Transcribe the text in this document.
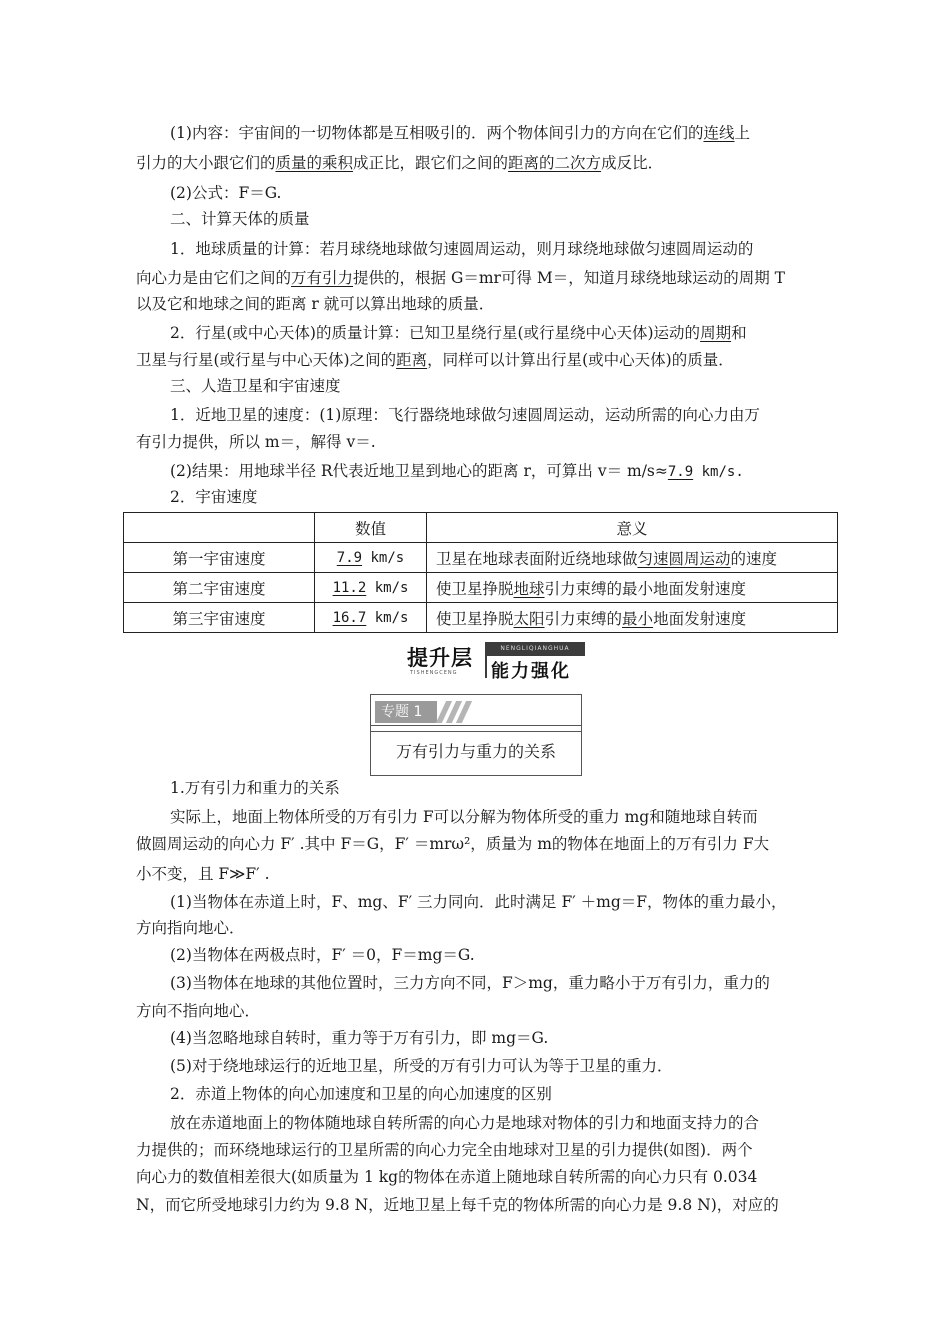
(1)内容：宇宙间的一切物体都是互相吸引的．两个物体间引力的方向在它们的连线上
引力的大小跟它们的质量的乘积成正比，跟它们之间的距离的二次方成反比．
(2)公式：F＝G.
二、计算天体的质量
1．地球质量的计算：若月球绕地球做匀速圆周运动，则月球绕地球做匀速圆周运动的
向心力是由它们之间的万有引力提供的，根据 G＝mr可得 M＝，知道月球绕地球运动的周期 T
以及它和地球之间的距离 r 就可以算出地球的质量．
2．行星(或中心天体)的质量计算：已知卫星绕行星(或行星绕中心天体)运动的周期和
卫星与行星(或行星与中心天体)之间的距离，同样可以计算出行星(或中心天体)的质量．
三、人造卫星和宇宙速度
1．近地卫星的速度：(1)原理：飞行器绕地球做匀速圆周运动，运动所需的向心力由万
有引力提供，所以 m＝，解得 v＝.
(2)结果：用地球半径 R代表近地卫星到地心的距离 r，可算出 v＝ m/s≈7.9 km/s.
2．宇宙速度
	数值	意义
第一宇宙速度	7.9 km/s	卫星在地球表面附近绕地球做匀速圆周运动的速度
第二宇宙速度	11.2 km/s	使卫星挣脱地球引力束缚的最小地面发射速度
第三宇宙速度	16.7 km/s	使卫星挣脱太阳引力束缚的最小地面发射速度
提升层
TISHENGCENG
NENGLIQIANGHUA
能力强化
专题 1
万有引力与重力的关系
1.万有引力和重力的关系
实际上，地面上物体所受的万有引力 F可以分解为物体所受的重力 mg和随地球自转而
做圆周运动的向心力 F′ .其中 F＝G，F′ ＝mrω²，质量为 m的物体在地面上的万有引力 F大
小不变，且 F≫F′ .
(1)当物体在赤道上时，F、mg、F′ 三力同向．此时满足 F′ ＋mg＝F，物体的重力最小，
方向指向地心．
(2)当物体在两极点时，F′ ＝0，F＝mg＝G.
(3)当物体在地球的其他位置时，三力方向不同，F＞mg，重力略小于万有引力，重力的
方向不指向地心．
(4)当忽略地球自转时，重力等于万有引力，即 mg＝G.
(5)对于绕地球运行的近地卫星，所受的万有引力可认为等于卫星的重力．
2．赤道上物体的向心加速度和卫星的向心加速度的区别
放在赤道地面上的物体随地球自转所需的向心力是地球对物体的引力和地面支持力的合
力提供的；而环绕地球运行的卫星所需的向心力完全由地球对卫星的引力提供(如图)．两个
向心力的数值相差很大(如质量为 1 kg的物体在赤道上随地球自转所需的向心力只有 0.034
N，而它所受地球引力约为 9.8 N，近地卫星上每千克的物体所需的向心力是 9.8 N)，对应的
